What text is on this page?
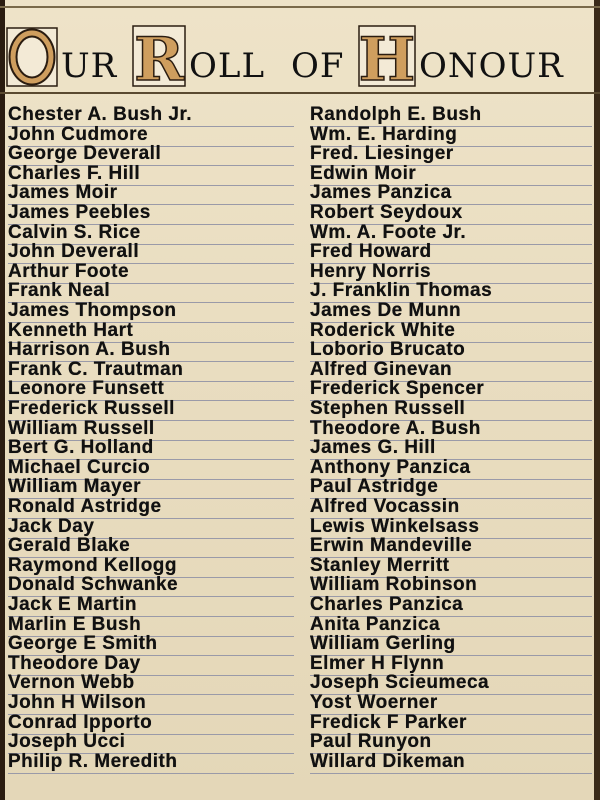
O UR R OLL OF H ONOUR
Chester A. Bush Jr.
John Cudmore
George Deverall
Charles F. Hill
James Moir
James Peebles
Calvin S. Rice
John Deverall
Arthur Foote
Frank Neal
James Thompson
Kenneth Hart
Harrison A. Bush
Frank C. Trautman
Leonore Funsett
Frederick Russell
William Russell
Bert G. Holland
Michael Curcio
William Mayer
Ronald Astridge
Jack Day
Gerald Blake
Raymond Kellogg
Donald Schwanke
Jack E Martin
Marlin E Bush
George E Smith
Theodore Day
Vernon Webb
John H Wilson
Conrad Ipporto
Joseph Ucci
Philip R. Meredith
Randolph E. Bush
Wm. E. Harding
Fred. Liesinger
Edwin Moir
James Panzica
Robert Seydoux
Wm. A. Foote Jr.
Fred Howard
Henry Norris
J. Franklin Thomas
James De Munn
Roderick White
Loborio Brucato
Alfred Ginevan
Frederick Spencer
Stephen Russell
Theodore A. Bush
James G. Hill
Anthony Panzica
Paul Astridge
Alfred Vocassin
Lewis Winkelsass
Erwin Mandeville
Stanley Merritt
William Robinson
Charles Panzica
Anita Panzica
William Gerling
Elmer H Flynn
Joseph Scieumeca
Yost Woerner
Fredick F Parker
Paul Runyon
Willard Dikeman
